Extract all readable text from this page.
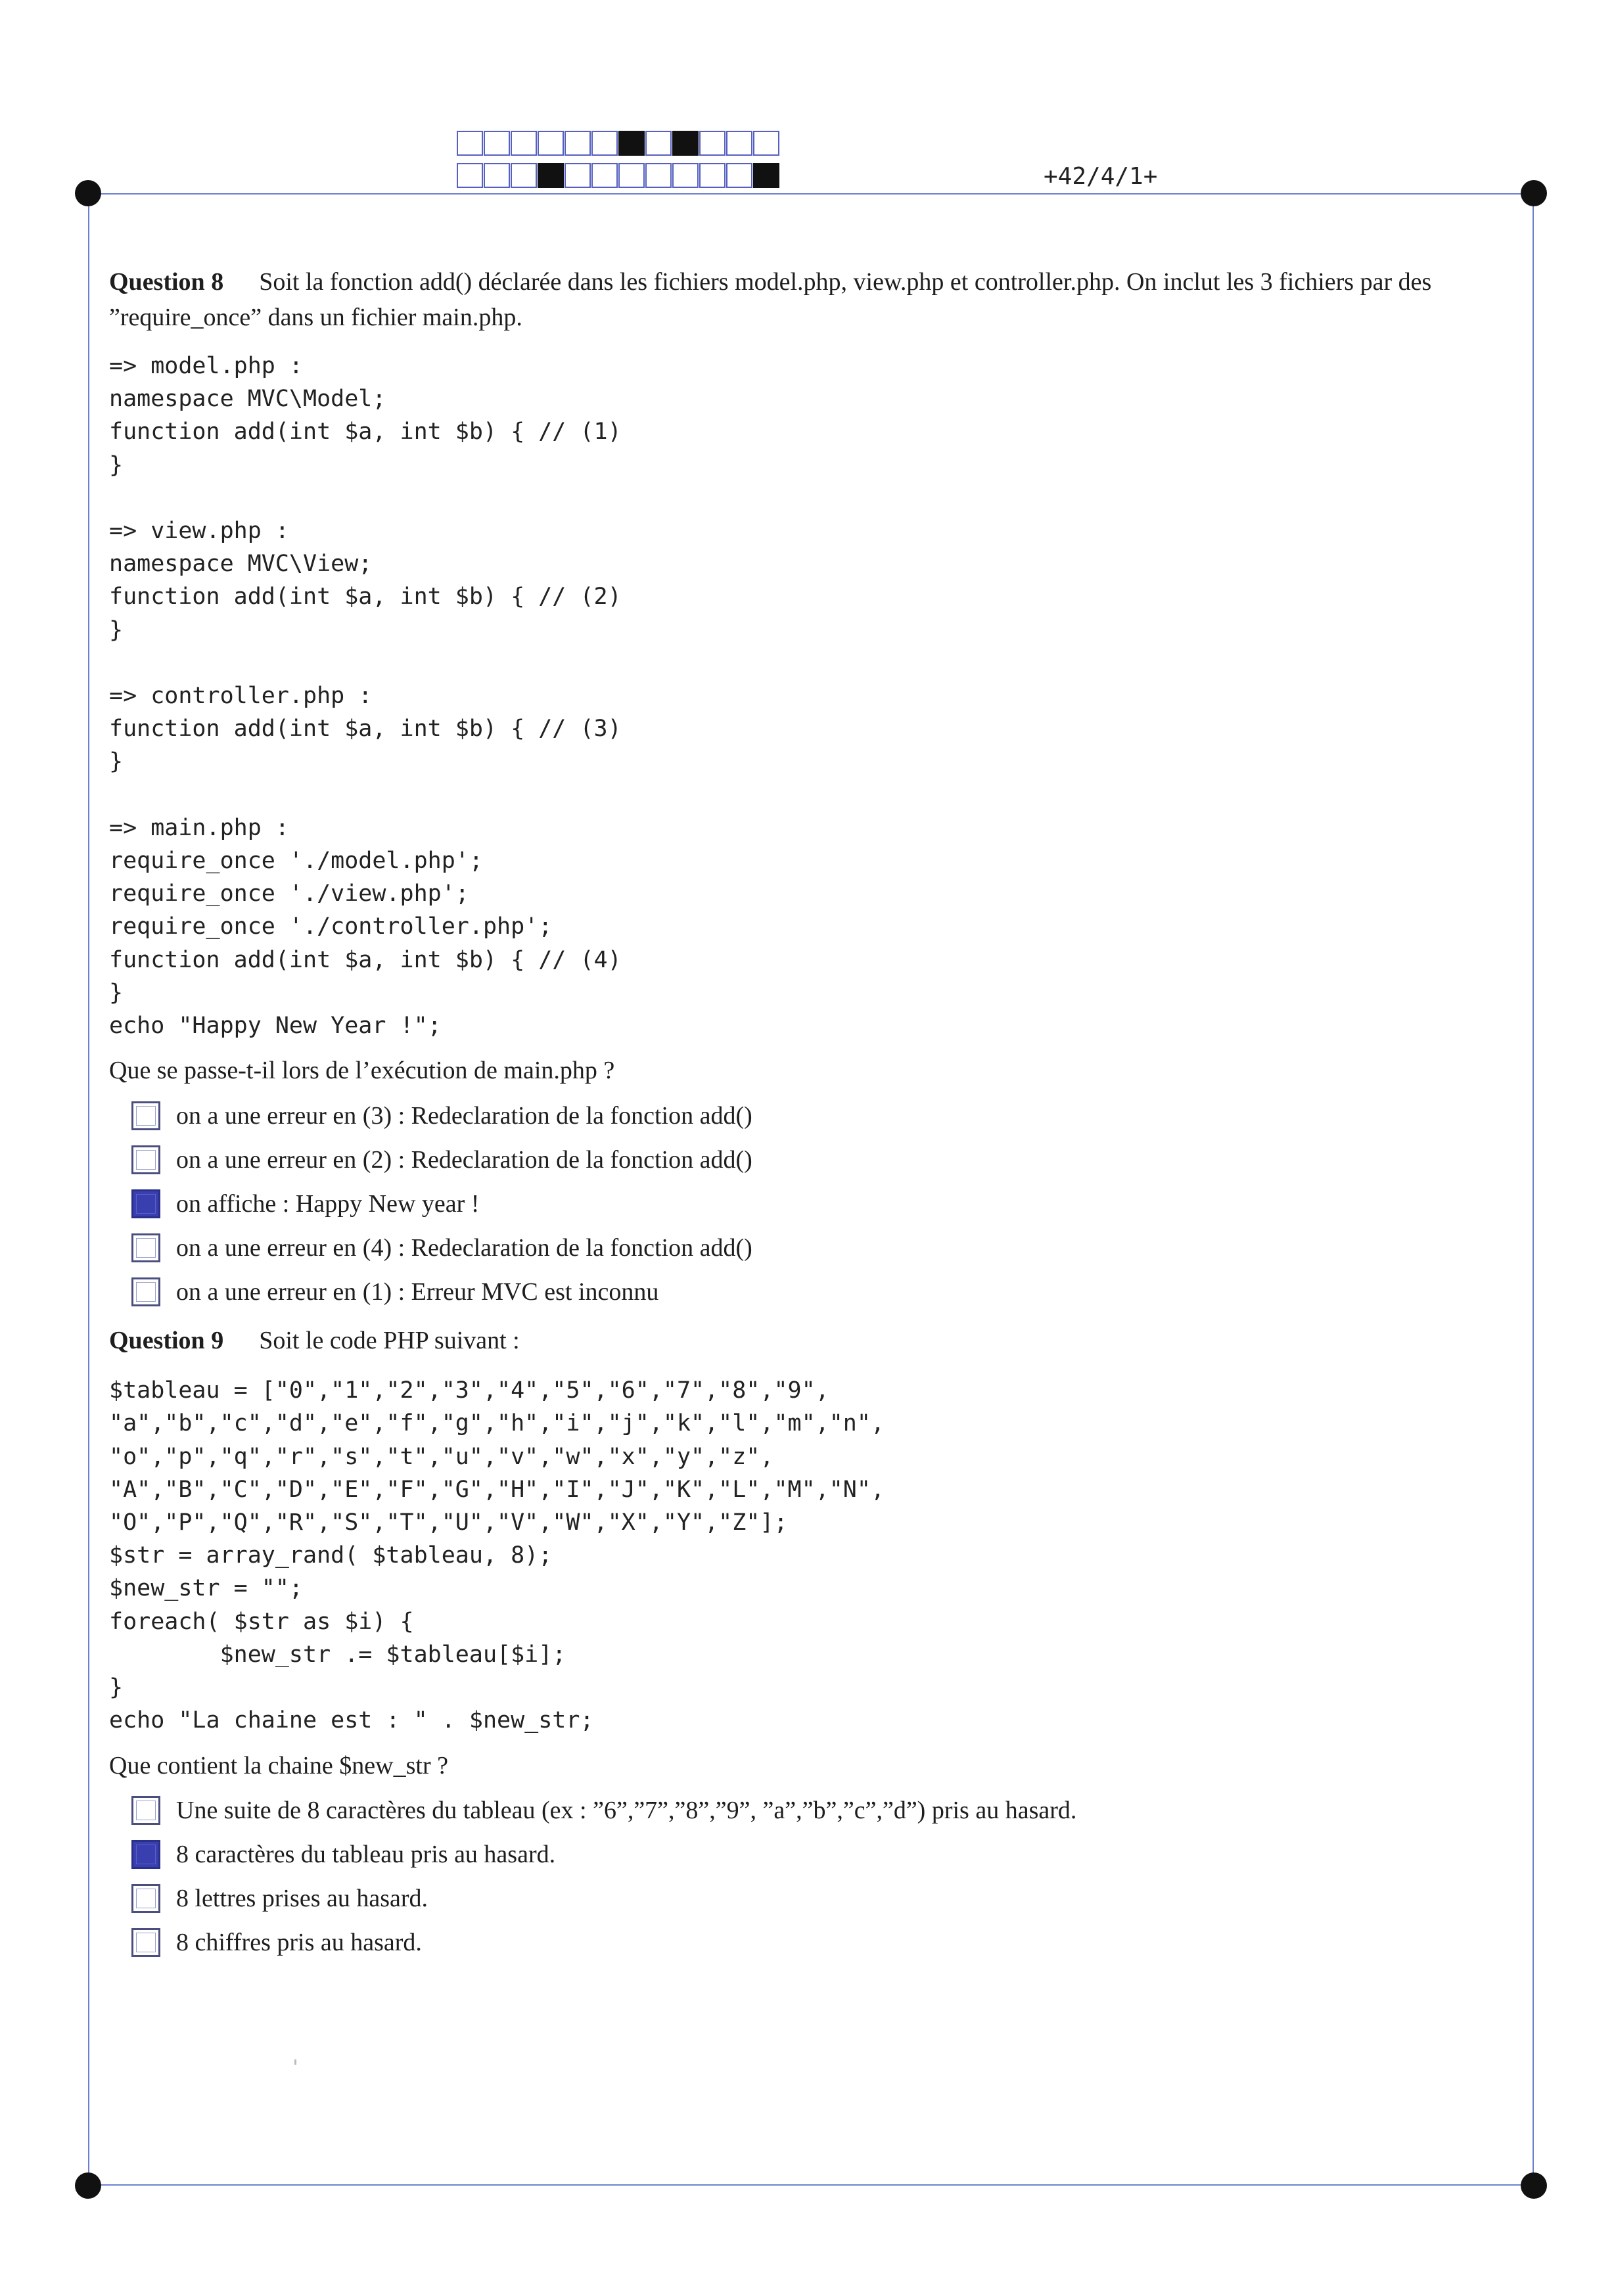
+42/4/1+

Question 8 Soit la fonction add() déclarée dans les fichiers model.php, view.php et controller.php. On inclut les 3 fichiers par des ”require_once” dans un fichier main.php.

=> model.php :
namespace MVC\Model;
function add(int $a, int $b) { // (1)
}

=> view.php :
namespace MVC\View;
function add(int $a, int $b) { // (2)
}

=> controller.php :
function add(int $a, int $b) { // (3)
}

=> main.php :
require_once './model.php';
require_once './view.php';
require_once './controller.php';
function add(int $a, int $b) { // (4)
}
echo "Happy New Year !";

Que se passe-t-il lors de l’exécution de main.php ?

on a une erreur en (3) : Redeclaration de la fonction add()
on a une erreur en (2) : Redeclaration de la fonction add()
on affiche : Happy New year !
on a une erreur en (4) : Redeclaration de la fonction add()
on a une erreur en (1) : Erreur MVC est inconnu

Question 9 Soit le code PHP suivant :

$tableau = ["0","1","2","3","4","5","6","7","8","9",
"a","b","c","d","e","f","g","h","i","j","k","l","m","n",
"o","p","q","r","s","t","u","v","w","x","y","z",
"A","B","C","D","E","F","G","H","I","J","K","L","M","N",
"O","P","Q","R","S","T","U","V","W","X","Y","Z"];
$str = array_rand( $tableau, 8);
$new_str = "";
foreach( $str as $i) {
$new_str .= $tableau[$i];
}
echo "La chaine est : " . $new_str;

Que contient la chaine $new_str ?

Une suite de 8 caractères du tableau (ex : ”6”,”7”,”8”,”9”, ”a”,”b”,”c”,”d”) pris au hasard.
8 caractères du tableau pris au hasard.
8 lettres prises au hasard.
8 chiffres pris au hasard.
